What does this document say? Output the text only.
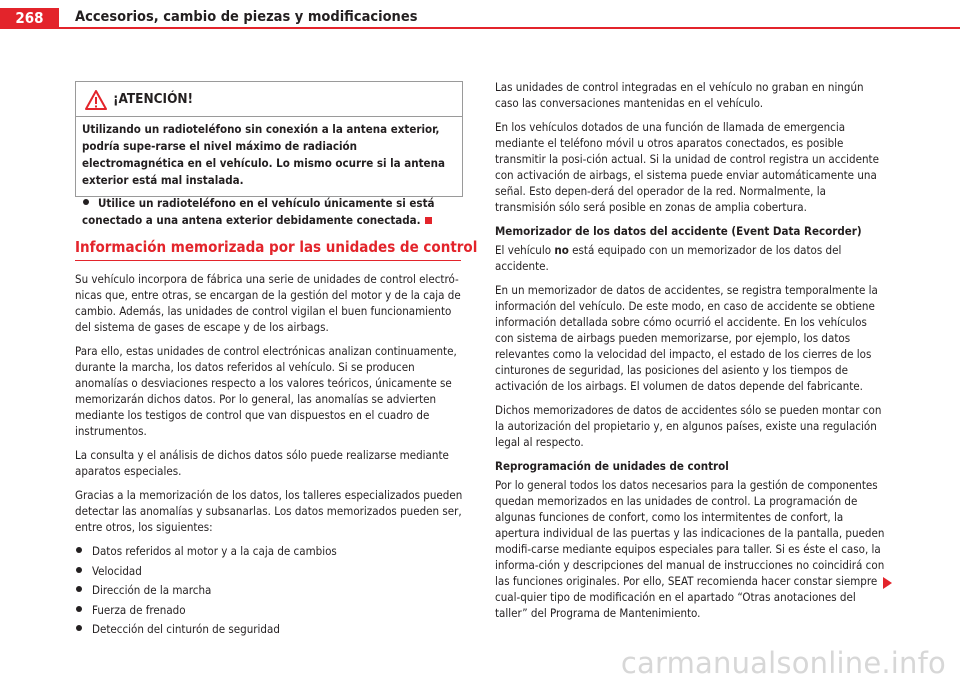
268	Accesorios, cambio de piezas y modificaciones
¡ATENCIÓN!

Utilizando un radioteléfono sin conexión a la antena exterior, podría supe-rarse el nivel máximo de radiación electromagnética en el vehículo. Lo mismo ocurre si la antena exterior está mal instalada.

Utilice un radioteléfono en el vehículo únicamente si está conectado a una antena exterior debidamente conectada.

Información memorizada por las unidades de control

Su vehículo incorpora de fábrica una serie de unidades de control electró-nicas que, entre otras, se encargan de la gestión del motor y de la caja de cambio. Además, las unidades de control vigilan el buen funcionamiento del sistema de gases de escape y de los airbags.

Para ello, estas unidades de control electrónicas analizan continuamente, durante la marcha, los datos referidos al vehículo. Si se producen anomalías o desviaciones respecto a los valores teóricos, únicamente se memorizarán dichos datos. Por lo general, las anomalías se advierten mediante los testigos de control que van dispuestos en el cuadro de instrumentos.

La consulta y el análisis de dichos datos sólo puede realizarse mediante aparatos especiales.

Gracias a la memorización de los datos, los talleres especializados pueden detectar las anomalías y subsanarlas. Los datos memorizados pueden ser, entre otros, los siguientes:

Datos referidos al motor y a la caja de cambios
Velocidad
Dirección de la marcha
Fuerza de frenado
Detección del cinturón de seguridad

Las unidades de control integradas en el vehículo no graban en ningún caso las conversaciones mantenidas en el vehículo.

En los vehículos dotados de una función de llamada de emergencia mediante el teléfono móvil u otros aparatos conectados, es posible transmitir la posi-ción actual. Si la unidad de control registra un accidente con activación de airbags, el sistema puede enviar automáticamente una señal. Esto depen-derá del operador de la red. Normalmente, la transmisión sólo será posible en zonas de amplia cobertura.

Memorizador de los datos del accidente (Event Data Recorder)

El vehículo no está equipado con un memorizador de los datos del accidente.

En un memorizador de datos de accidentes, se registra temporalmente la información del vehículo. De este modo, en caso de accidente se obtiene información detallada sobre cómo ocurrió el accidente. En los vehículos con sistema de airbags pueden memorizarse, por ejemplo, los datos relevantes como la velocidad del impacto, el estado de los cierres de los cinturones de seguridad, las posiciones del asiento y los tiempos de activación de los airbags. El volumen de datos depende del fabricante.

Dichos memorizadores de datos de accidentes sólo se pueden montar con la autorización del propietario y, en algunos países, existe una regulación legal al respecto.

Reprogramación de unidades de control

Por lo general todos los datos necesarios para la gestión de componentes quedan memorizados en las unidades de control. La programación de algunas funciones de confort, como los intermitentes de confort, la apertura individual de las puertas y las indicaciones de la pantalla, pueden modifi-carse mediante equipos especiales para taller. Si es éste el caso, la informa-ción y descripciones del manual de instrucciones no coincidirá con las funciones originales. Por ello, SEAT recomienda hacer constar siempre cual-quier tipo de modificación en el apartado “Otras anotaciones del taller” del Programa de Mantenimiento.

carmanualsonline.info
